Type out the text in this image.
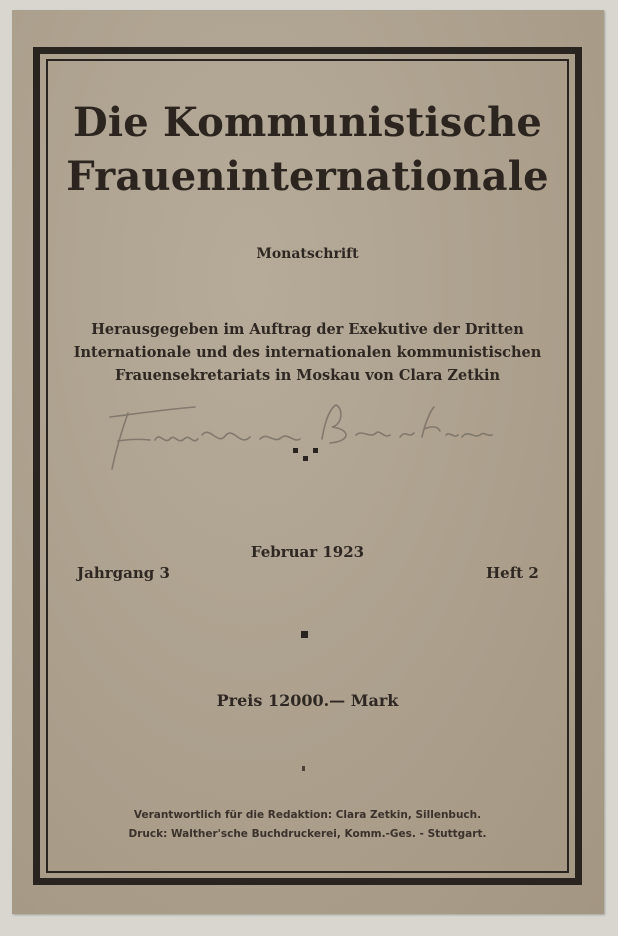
Die Kommunistische
Fraueninternationale
Monatschrift
Herausgegeben im Auftrag der Exekutive der Dritten
Internationale und des internationalen kommunistischen
Frauensekretariats in Moskau von Clara Zetkin
Februar 1923
Jahrgang 3	Heft 2
Preis 12000.— Mark
Verantwortlich für die Redaktion: Clara Zetkin, Sillenbuch.
Druck: Walther'sche Buchdruckerei, Komm.-Ges. - Stuttgart.
